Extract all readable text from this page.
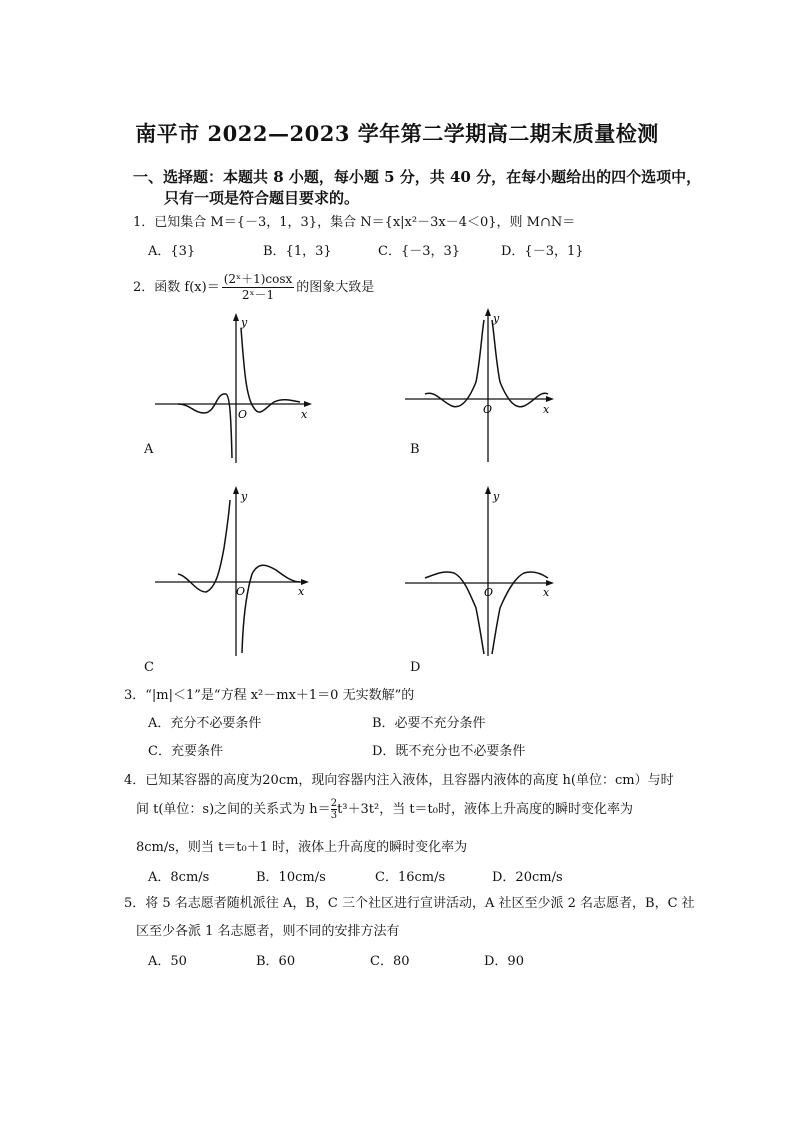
南平市 2022—2023 学年第二学期高二期末质量检测
一、选择题：本题共 8 小题，每小题 5 分，共 40 分，在每小题给出的四个选项中，
只有一项是符合题目要求的。
1．已知集合 M＝{－3，1，3}，集合 N＝{x|x²－3x－4＜0}，则 M∩N＝
A．{3}	B．{1，3}	C．{－3，3}	D．{－3，1}
2．函数 $f(x)= \frac{\text{(2ˣ＋1)cosx}}{\text{2ˣ－1}}$ 的图象大致是
y
x
O
A
y
x
O
B
y
x
O
C
y
x
O
D
3．“|m|＜1”是“方程 x²－mx＋1＝0 无实数解”的
A．充分不必要条件	B．必要不充分条件
C．充要条件	D．既不充分也不必要条件
4．已知某容器的高度为20cm，现向容器内注入液体，且容器内液体的高度 h(单位：cm）与时
间 t(单位：s)之间的关系式为 $h= \frac{2}{3}t^3+3t^2$，当 t＝t₀时，液体上升高度的瞬时变化率为
8cm/s，则当 t＝t₀＋1 时，液体上升高度的瞬时变化率为
A．8cm/s	B．10cm/s	C．16cm/s	D．20cm/s
5．将 5 名志愿者随机派往 A，B，C 三个社区进行宣讲活动，A 社区至少派 2 名志愿者，B，C 社
区至少各派 1 名志愿者，则不同的安排方法有
A．50	B．60	C．80	D．90
